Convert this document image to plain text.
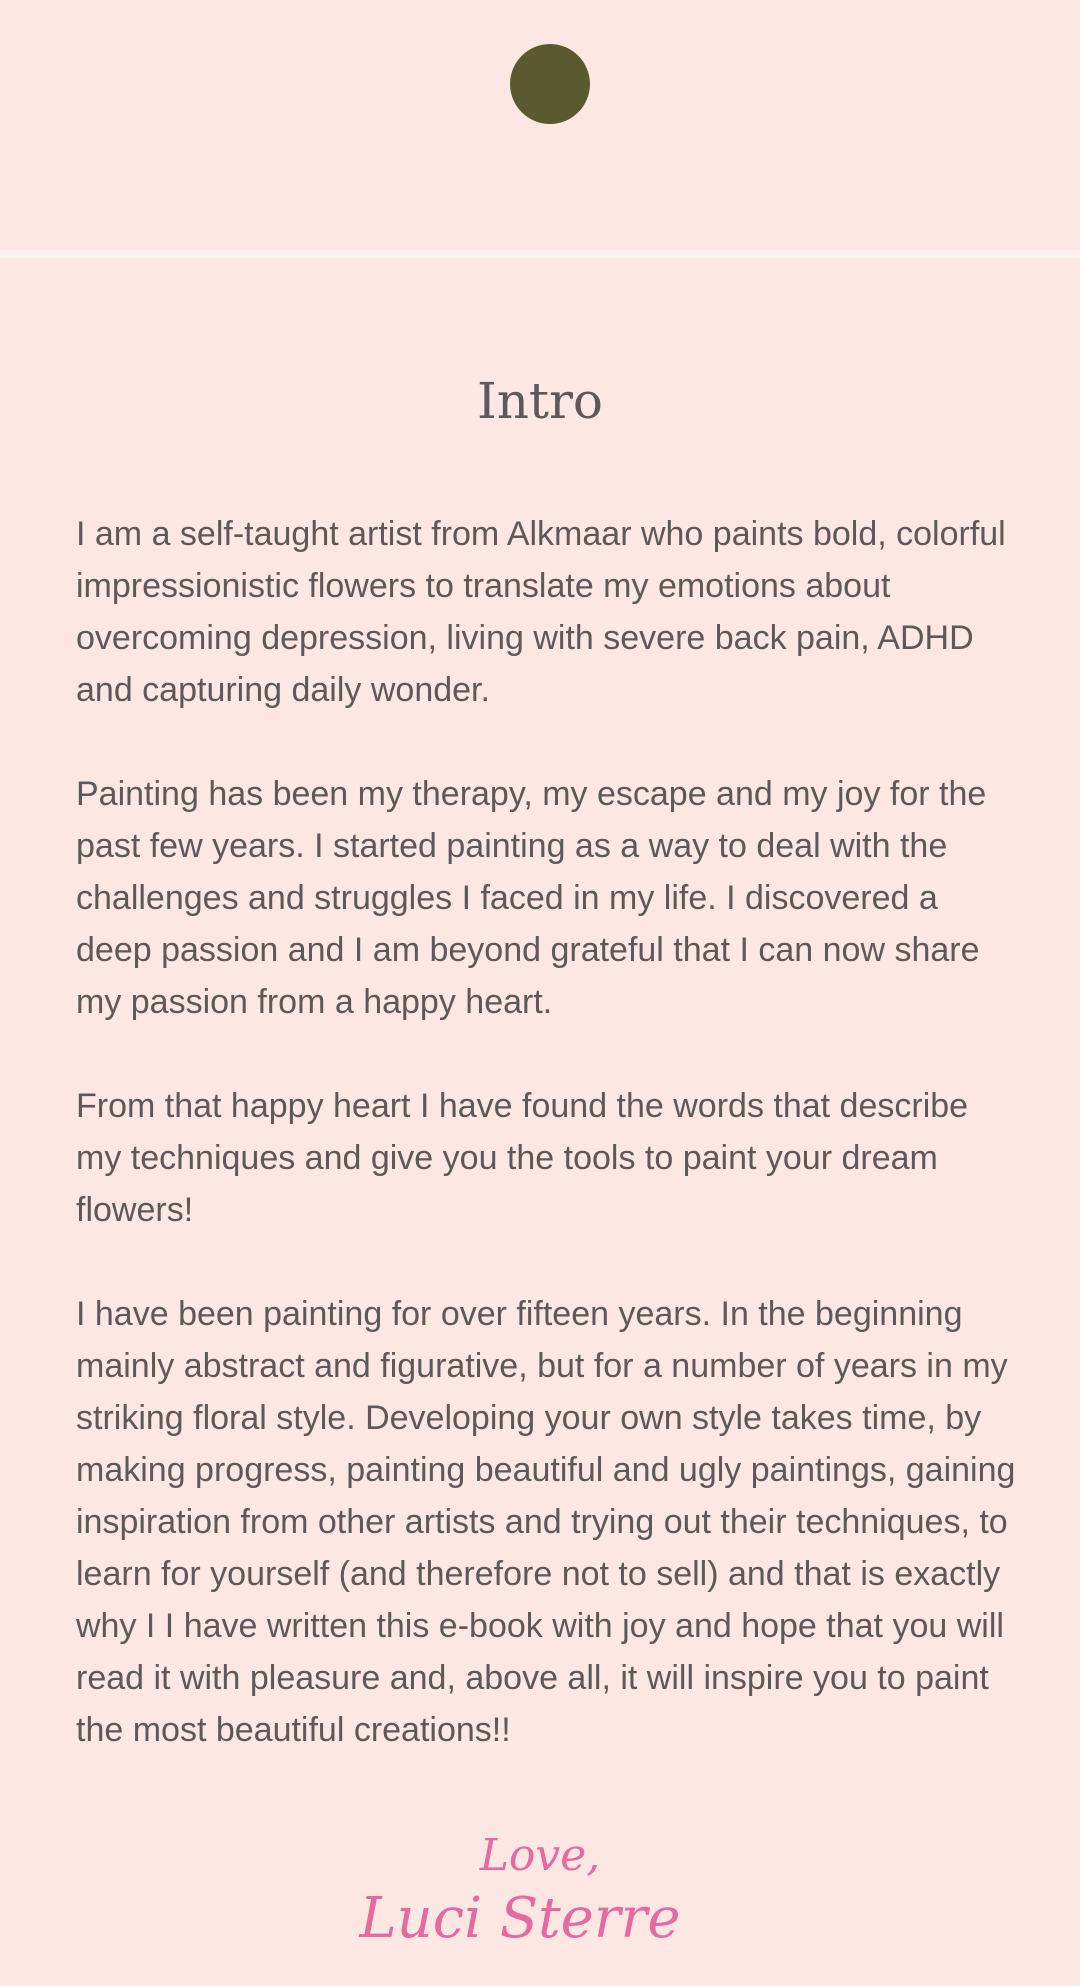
Intro

I am a self-taught artist from Alkmaar who paints bold, colorful impressionistic flowers to translate my emotions about overcoming depression, living with severe back pain, ADHD and capturing daily wonder.

Painting has been my therapy, my escape and my joy for the past few years. I started painting as a way to deal with the challenges and struggles I faced in my life. I discovered a deep passion and I am beyond grateful that I can now share my passion from a happy heart.

From that happy heart I have found the words that describe my techniques and give you the tools to paint your dream flowers!

I have been painting for over fifteen years. In the beginning mainly abstract and figurative, but for a number of years in my striking floral style. Developing your own style takes time, by making progress, painting beautiful and ugly paintings, gaining inspiration from other artists and trying out their techniques, to learn for yourself (and therefore not to sell) and that is exactly why I I have written this e-book with joy and hope that you will read it with pleasure and, above all, it will inspire you to paint the most beautiful creations!!

Love,
Luci Sterre
